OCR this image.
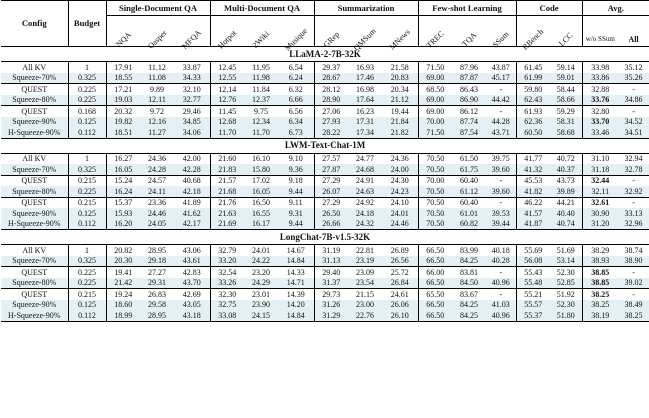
Config	Budget	Single-Document QA			Multi-Document QA			Summarization			Few-shot Learning			Code		Avg.	
		NQA	Qasper	MFQA	Hotpot	2Wiki	Musique	GRep	QMSum	MNews	TREC	TQA	SSum	RBench	LCC	w/o SSum	All
LLaMA-2-7B-32K																	
All KV	1	17.91	11.12	33.87	12.45	11.95	6.54	29.37	16.93	21.58	71.50	87.96	43.87	61.45	59.14	33.98	35.12
Squeeze-70%	0.325	18.55	11.08	34.33	12.55	11.98	6.24	28.67	17.46	20.83	69.00	87.87	45.17	61.99	59.01	33.86	35.26
QUEST	0.225	17.21	9.89	32.10	12.14	11.84	6.32	28.12	16.98	20.34	68.50	86.43	-	59.80	58.44	32.88	-
Squeeze-80%	0.225	19.03	12.11	32.77	12.76	12.37	6.66	28.90	17.64	21.12	69.00	86.90	44.42	62.43	58.66	33.76	34.86
QUEST	0.168	20.32	9.72	29.46	11.45	9.75	6.56	27.06	16.23	19.44	69.00	86.12	-	61.93	59.29	32.80	-
Squeeze-90%	0.125	19.82	12.16	34.85	12.68	12.34	6.34	27.93	17.31	21.84	70.00	87.74	44.28	62.36	58.31	33.70	34.52
H-Squeeze-90%	0.112	18.51	11.27	34.06	11.70	11.70	6.73	28.22	17.34	21.82	71.50	87.54	43.71	60.50	58.68	33.46	34.51
LWM-Text-Chat-1M																	
All KV	1	16.27	24.36	42.00	21.60	16.10	9.10	27.57	24.77	24.36	70.50	61.50	39.75	41.77	40.72	31.10	32.94
Squeeze-70%	0.325	16.05	24.28	42.28	21.83	15.80	9.36	27.87	24.68	24.00	70.50	61.75	39.60	41.32	40.37	31.18	32.78
QUEST	0.215	15.24	24.57	40.68	21.57	17.02	9.18	27.29	24.91	24.30	70.00	60.40	-	45.53	43.73	32.44	-
Squeeze-80%	0.225	16.24	24.11	42.18	21.68	16.05	9.44	26.07	24.63	24.23	70.50	61.12	39.60	41.82	39.89	32.11	32.92
QUEST	0.215	15.37	23.36	41.89	21.76	16.50	9.11	27.29	24.92	24.10	70.50	60.40	-	46.22	44.21	32.61	-
Squeeze-90%	0.125	15.93	24.46	41.62	21.63	16.55	9.31	26.50	24.18	24.01	70.50	61.01	39.53	41.57	40.40	30.90	33.13
H-Squeeze-90%	0.112	16.20	24.05	42.17	21.69	16.17	9.44	26.66	24.32	24.46	70.50	60.82	39.44	41.87	40.74	31.20	32.96
LongChat-7B-v1.5-32K																	
All KV	1	20.82	28.95	43.06	32.79	24.01	14.67	31.19	22.81	26.89	66.50	83.99	40.18	55.69	51.69	38.29	38.74
Squeeze-70%	0.325	20.30	29.18	43.61	33.20	24.22	14.84	31.13	23.19	26.56	66.50	84.25	40.28	56.08	53.14	38.93	38.90
QUEST	0.225	19.41	27.27	42.83	32.54	23.20	14.33	29.40	23.09	25.72	66.00	83.81	-	55.43	52.30	38.85	-
Squeeze-80%	0.225	21.42	29.31	43.70	33.26	24.29	14.71	31.37	23.54	26.84	66.50	84.50	40.96	55.48	52.85	38.85	39.02
QUEST	0.215	19.24	26.83	42.69	32.30	23.01	14.39	29.73	21.15	24.61	65.50	83.67	-	55.21	51.92	38.25	-
Squeeze-90%	0.125	18.60	29.58	43.05	32.75	23.90	14.20	31.26	23.00	26.06	66.50	84.25	41.03	55.57	52.30	38.25	38.49
H-Squeeze-90%	0.112	18.99	28.95	43.18	33.08	24.15	14.84	31.29	22.76	26.10	66.50	84.25	40.96	55.37	51.80	38.19	38.25
